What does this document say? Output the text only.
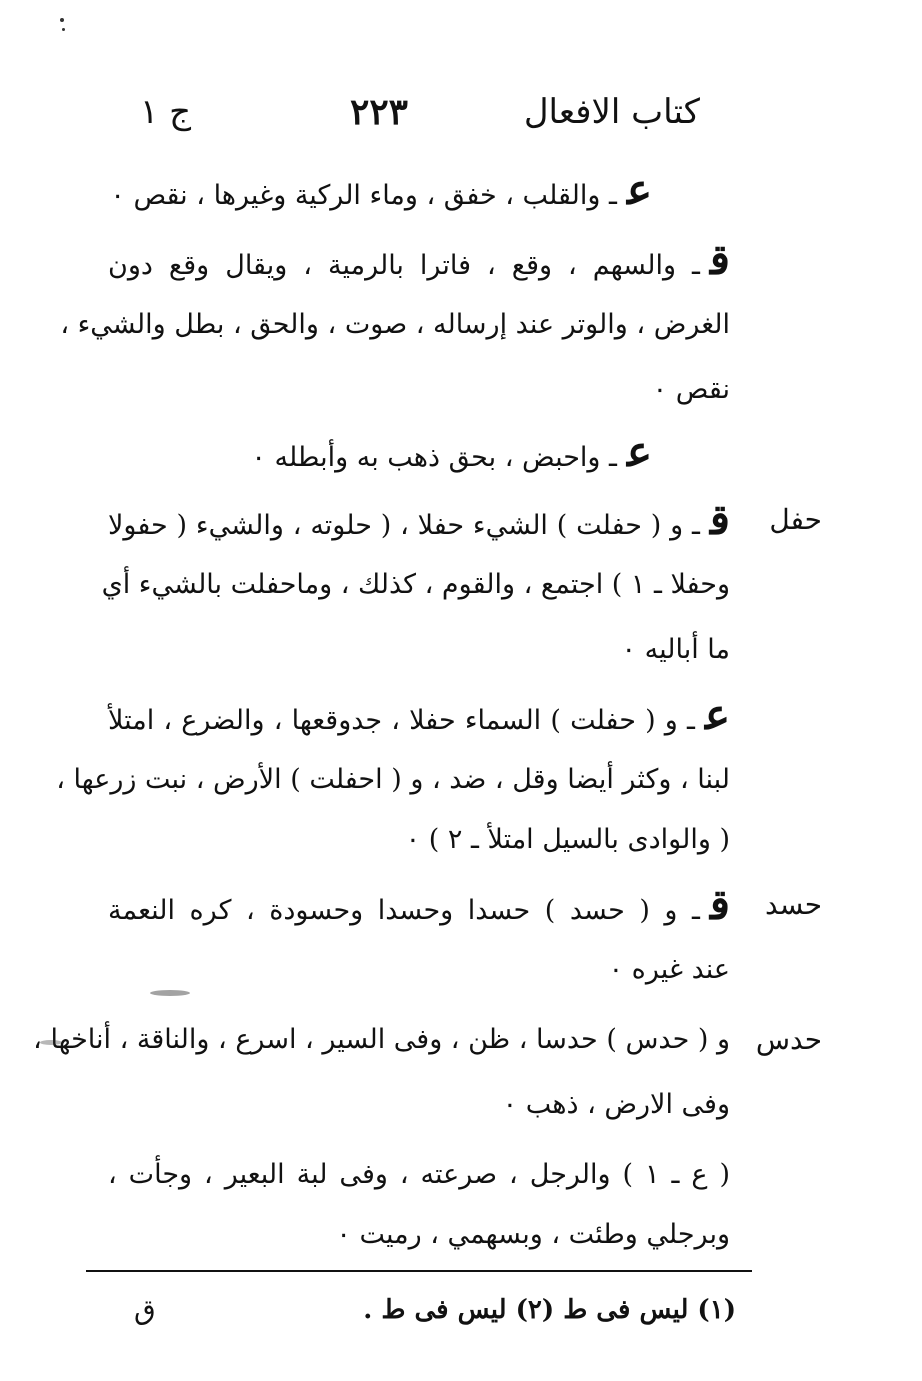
كتاب الافعال
٢٢٣
ج ١
عـ والقلب ، خفق ، وماء الركية وغيرها ، نقص ٠
قـ والسهم ، وقع ، فاترا بالرمية ، ويقال وقع دون
الغرض ، والوتر عند إرساله ، صوت ، والحق ، بطل والشيء ،
نقص ٠
عـ واحبض ، بحق ذهب به وأبطله ٠
حفل
قـ و ( حفلت ) الشيء حفلا ، ( حلوته ، والشيء ( حفولا
وحفلا ـ ١ ) اجتمع ، والقوم ، كذلك ، وماحفلت بالشيء أي
ما أباليه ٠
عـ و ( حفلت ) السماء حفلا ، جدوقعها ، والضرع ، امتلأ
لبنا ، وكثر أيضا وقل ، ضد ، و ( احفلت ) الأرض ، نبت زرعها ،
( والوادى بالسيل امتلأ ـ ٢ ) ٠
حسد
قـ و ( حسد ) حسدا وحسدا وحسودة ، كره النعمة
عند غيره ٠
حدس
و ( حدس ) حدسا ، ظن ، وفى السير ، اسرع ، والناقة ، أناخها ،
وفى الارض ، ذهب ٠
( ع ـ ١ ) والرجل ، صرعته ، وفى لبة البعير ، وجأت ،
وبرجلي وطئت ، وبسهمي ، رميت ٠
(١) ليس فى ط (٢) ليس فى ط .
ق
